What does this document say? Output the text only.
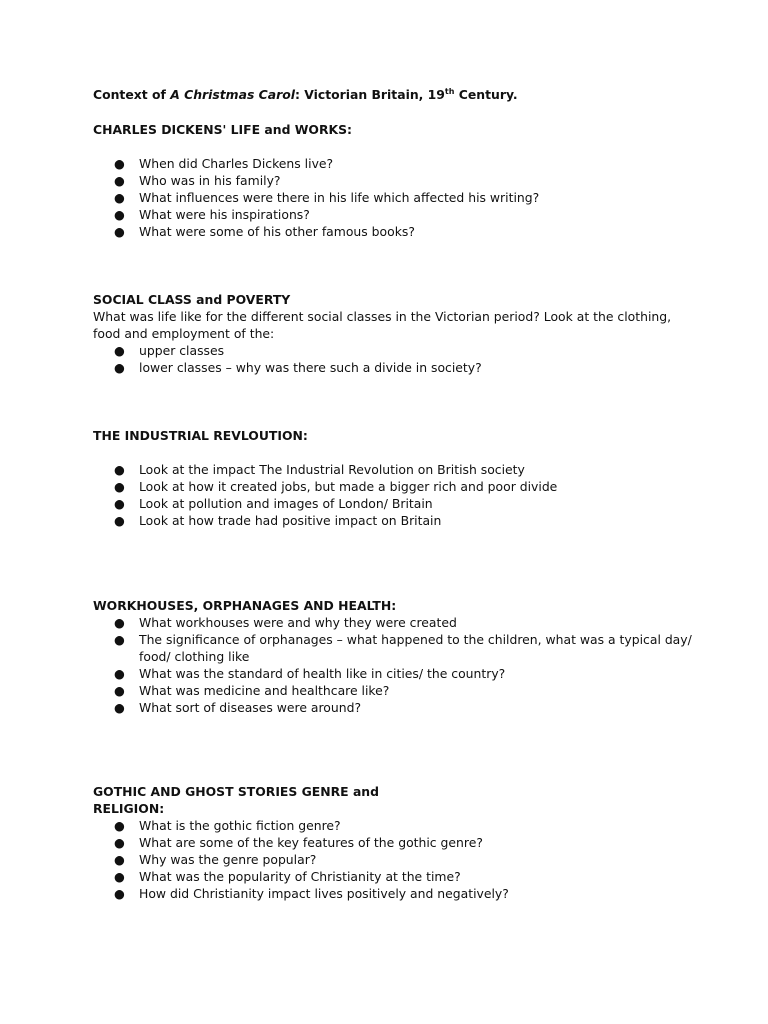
Context of A Christmas Carol: Victorian Britain, 19th Century.

CHARLES DICKENS' LIFE and WORKS:

● When did Charles Dickens live?
● Who was in his family?
● What influences were there in his life which affected his writing?
● What were his inspirations?
● What were some of his other famous books?

SOCIAL CLASS and POVERTY

What was life like for the different social classes in the Victorian period? Look at the clothing, food and employment of the:

● upper classes
● lower classes – why was there such a divide in society?

THE INDUSTRIAL REVLOUTION:

● Look at the impact The Industrial Revolution on British society
● Look at how it created jobs, but made a bigger rich and poor divide
● Look at pollution and images of London/ Britain
● Look at how trade had positive impact on Britain

WORKHOUSES, ORPHANAGES AND HEALTH:

● What workhouses were and why they were created
● The significance of orphanages – what happened to the children, what was a typical day/ food/ clothing like
● What was the standard of health like in cities/ the country?
● What was medicine and healthcare like?
● What sort of diseases were around?

GOTHIC AND GHOST STORIES GENRE and RELIGION:

● What is the gothic fiction genre?
● What are some of the key features of the gothic genre?
● Why was the genre popular?
● What was the popularity of Christianity at the time?
● How did Christianity impact lives positively and negatively?
